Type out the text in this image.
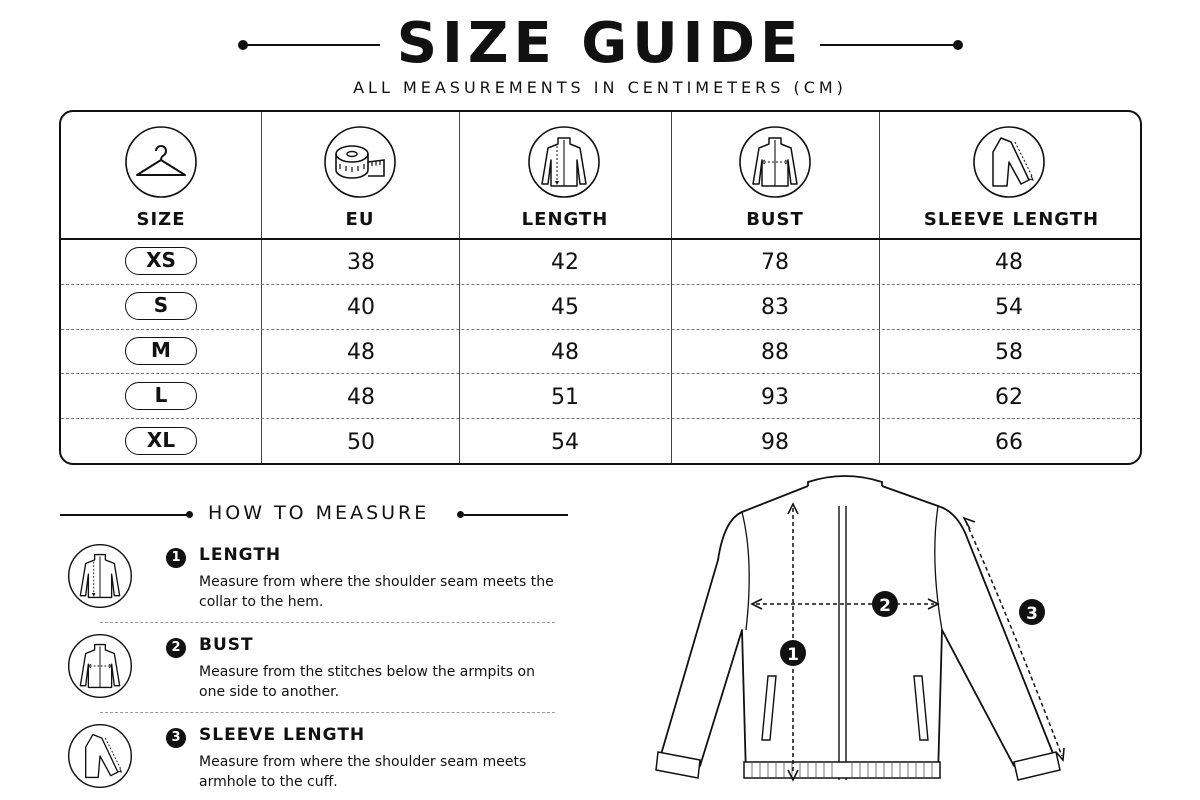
SIZE GUIDE
ALL MEASUREMENTS IN CENTIMETERS (CM)
SIZE	EU	LENGTH	BUST	SLEEVE LENGTH
XS	38	42	78	48
S	40	45	83	54
M	48	48	88	58
L	48	51	93	62
XL	50	54	98	66
HOW TO MEASURE
1	LENGTH
Measure from where the shoulder seam meets the collar to the hem.
2	BUST
Measure from the stitches below the armpits on one side to another.
3	SLEEVE LENGTH
Measure from where the shoulder seam meets armhole to the cuff.
1
2	3
